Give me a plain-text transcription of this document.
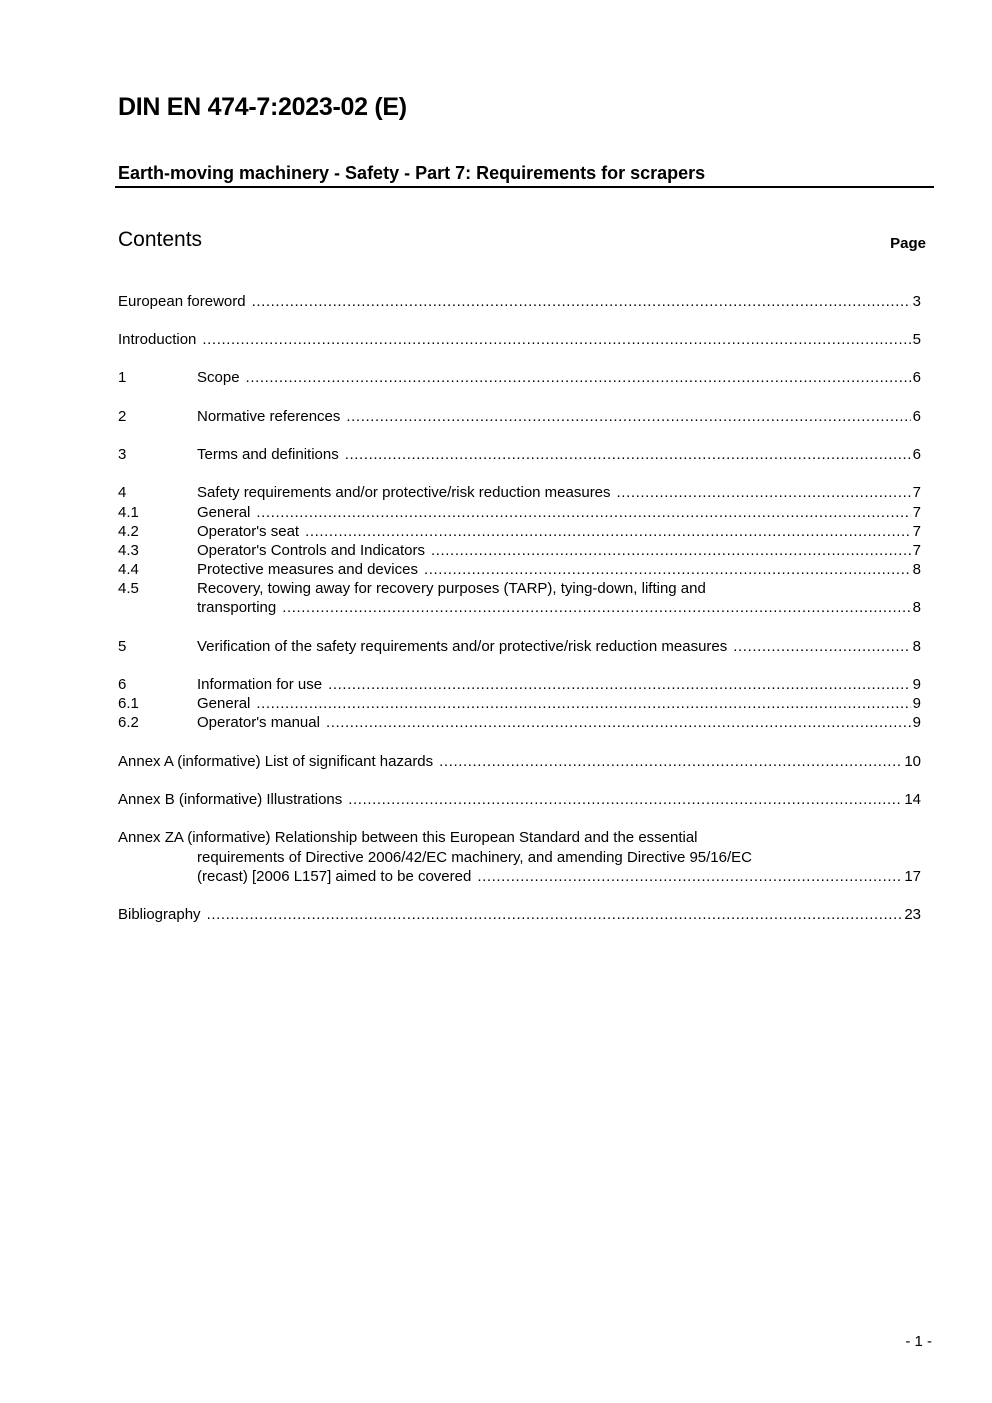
DIN EN 474-7:2023-02 (E)
Earth-moving machinery - Safety - Part 7: Requirements for scrapers
Contents	Page
European foreword .....	3
Introduction .....	5
1	Scope .....	6
2	Normative references .....	6
3	Terms and definitions .....	6
4	Safety requirements and/or protective/risk reduction measures .....	7
4.1	General .....	7
4.2	Operator's seat .....	7
4.3	Operator's Controls and Indicators .....	7
4.4	Protective measures and devices .....	8
4.5	Recovery, towing away for recovery purposes (TARP), tying-down, lifting and
transporting .....	8
5	Verification of the safety requirements and/or protective/risk reduction measures .....	8
6	Information for use .....	9
6.1	General .....	9
6.2	Operator's manual .....	9
Annex A (informative) List of significant hazards .....	10
Annex B (informative) Illustrations .....	14
Annex ZA (informative) Relationship between this European Standard and the essential
requirements of Directive 2006/42/EC machinery, and amending Directive 95/16/EC
(recast) [2006 L157] aimed to be covered .....	17
Bibliography .....	23
- 1 -
